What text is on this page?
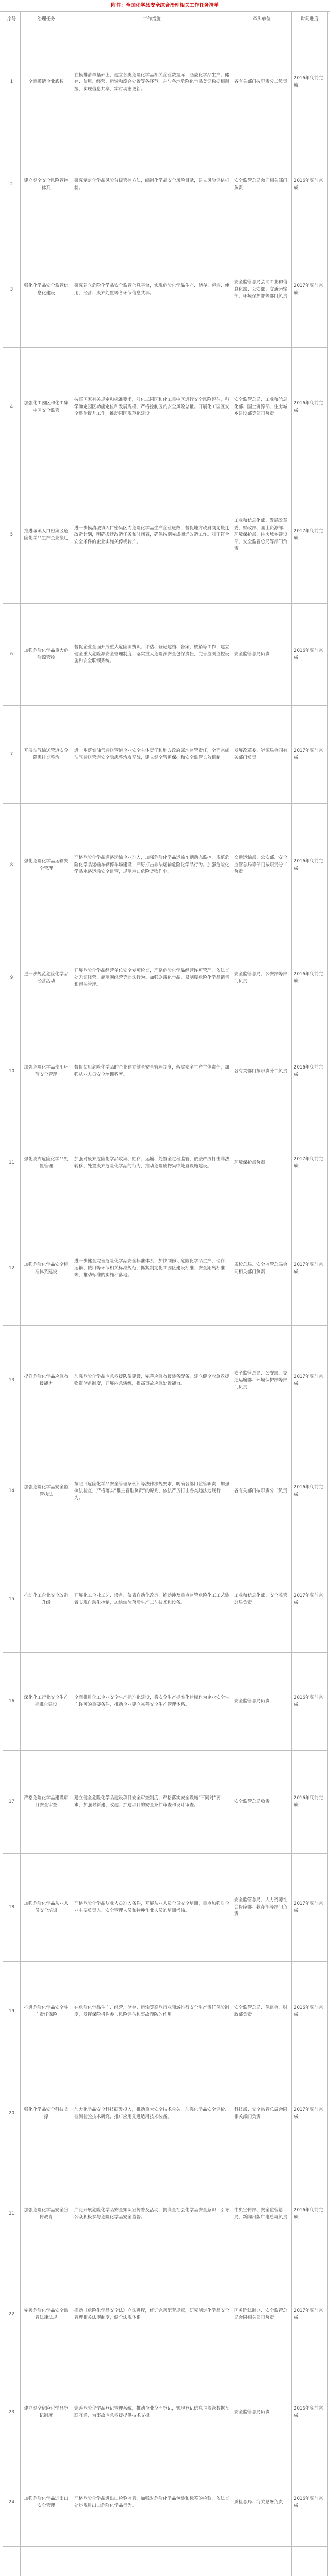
附件：全国化学品安全综合治理相关工作任务清单
序号	治理任务	工作措施	牵头单位	时间进度
1	全面摸清企业底数	在摸排清单基础上，建立各类危险化学品相关企业数据库，涵盖化学品生产、储存、使用、经营、运输和废弃处置等各环节，并与各地危险化学品登记数据相衔接，实现信息共享，实时动态更新。	各有关部门按职责分工负责	2016年底前完成
2	建立健全安全风险管控体系	研究制定化学品风险分级管控方法，编制化学品安全风险目录，建立风险评估机制。	安全监管总局会同相关部门负责	2016年底前完成
3	强化化学品安全监管信息化建设	研究建立危险化学品安全监管信息平台，实现危险化学品生产、储存、运输、使用、经营、废弃处置等各环节信息共享。	安全监管总局会同工业和信息化部、公安部、交通运输部、环境保护部等部门负责	2017年底前完成
4	加强化工园区和化工集中区安全监管	按照国家有关规定和标准要求，对化工园区和化工集中区进行安全风险评估，科学确定园区功能定位和发展规模，严格控制区内安全风险总量。开展化工园区安全整治提升工作，推动园区规范化建设。	安全监管总局、工业和信息化部、国土资源部、住房城乡建设部等部门负责	2016年底前完成
5	推进城镇人口密集区危险化学品生产企业搬迁	进一步摸清城镇人口密集区内危险化学品生产企业底数，督促地方政府制定搬迁改造计划，明确搬迁改造任务和时间表，确保按期完成搬迁改造工作。对不符合安全条件的企业实施关停或转产。	工业和信息化部、发展改革委、财政部、国土资源部、环境保护部、住房城乡建设部、安全监管总局等部门负责	2017年底前完成
6	加强危险化学品重大危险源管控	督促企业全面开展重大危险源辨识、评估、登记建档、备案、核销等工作，建立健全重大危险源安全管理制度，落实重大危险源安全包保责任，完善监测监控设施和安全联锁系统。	安全监管总局负责	2016年底前完成
7	开展油气输送管道安全隐患排查整治	进一步落实油气输送管道企业安全主体责任和地方政府属地监管责任，全面完成油气输送管道安全隐患整治攻坚战，建立健全管道保护和安全监管长效机制。	发展改革委、能源局会同有关部门负责	2017年底前完成
8	强化危险化学品运输安全管理	严格危险化学品道路运输企业准入，加强危险化学品运输车辆动态监控，规范危险化学品运输车辆停车场建设，严厉打击非法运输危险化学品行为。加强危险化学品水路运输安全监管，规范港口危险货物作业。	交通运输部、公安部、安全监管总局等部门按职责分工负责	2016年底前完成
9	进一步规范危险化学品经营活动	开展危险化学品经营单位安全专项检查，严格危险化学品经营许可管理，依法查处无证经营、超范围经营等违法行为。加强剧毒化学品、易制爆危险化学品销售和购买管理。	安全监管总局、公安部等部门负责	2016年底前完成
10	加强危险化学品使用环节安全管理	督促使用危险化学品的企业建立健全安全管理制度，落实安全生产主体责任，加强从业人员安全培训教育。	各有关部门按职责分工负责	2016年底前完成
11	强化废弃危险化学品处置管理	加强对废弃危险化学品收集、贮存、运输、处置全过程监管，依法严厉打击非法转移、处置废弃危险化学品的行为，推动危险废物集中处置设施建设。	环境保护部负责	2017年底前完成
12	加强危险化学品安全标准体系建设	进一步健全完善危险化学品安全标准体系，加快制修订危险化学品生产、储存、运输、使用等环节相关标准规范，抓紧制定化工园区建设标准、安全距离标准等，推动标准的实施和落地。	质检总局、安全监管总局会同相关部门负责	2017年底前完成
13	提升危险化学品应急救援能力	加强危险化学品应急救援队伍建设，完善应急救援装备配备，建立健全应急救援物资储备制度，开展应急演练，提高事故应急处置能力。	安全监管总局、公安部、交通运输部、环境保护部等部门负责	2017年底前完成
14	加强危险化学品安全监管执法	按照《危险化学品安全管理条例》等法律法规要求，明确各部门监管职责，加强执法检查，严格落实“谁主管谁负责”的原则，依法严厉打击各类违法违规行为。	各有关部门按职责分工负责	2016年底前完成
15	推动化工企业安全改造升级	开展化工企业工艺、设备、仪表自动化改造，推动涉及重点监管危险化工工艺装置实现自动化控制，加快淘汰落后生产工艺技术和设备。	工业和信息化部、安全监管总局负责	2017年底前完成
16	深化化工行业安全生产标准化建设	全面推进化工企业安全生产标准化建设，将安全生产标准化达标作为企业安全生产许可的重要条件，推动企业建立完善安全生产管理体系。	安全监管总局负责	2016年底前完成
17	严格危险化学品建设项目安全审查	建立健全危险化学品建设项目安全审查制度，严格落实安全设施“三同时”要求，加强对新建、改建、扩建项目的安全条件审查和设计审查。	安全监管总局负责	2016年底前完成
18	加强危险化学品从业人员安全培训	严格危险化学品从业人员准入条件，开展从业人员全员安全培训，重点加强对企业主要负责人、安全管理人员和特种作业人员的培训考核。	安全监管总局、人力资源社会保障部、教育部等部门负责	2017年底前完成
19	推进危险化学品安全生产责任保险	在危险化学品生产、经营、储存、运输等高危行业领域推行安全生产责任保险制度，发挥保险机构参与风险评估和事故预防的作用。	安全监管总局、保监会、财政部负责	2016年底前完成
20	强化化学品安全科技支撑	加大化学品安全科技研发投入，推动重大安全技术攻关，加强化学品安全评价、检测检验技术研究，推广应用先进适用技术装备。	科技部、安全监管总局会同相关部门负责	2017年底前完成
21	加强危险化学品安全宣传教育	广泛开展危险化学品安全知识宣传普及活动，提高全社会化学品安全意识，引导公众积极参与危险化学品安全监督。	中央宣传部、安全监管总局、新闻出版广电总局负责	2016年底前完成
22	完善危险化学品安全监管法律法规	推动《危险化学品安全法》立法进程，修订完善配套规章，研究制定化学品安全管理相关法规制度，健全法规体系。	国务院法制办、安全监管总局会同相关部门负责	2017年底前完成
23	建立健全危险化学品登记制度	完善危险化学品登记管理系统，推动企业全面登记，实现登记信息与监管数据互联互通，为事故应急救援提供技术支撑。	安全监管总局负责	2016年底前完成
24	加强危险化学品进出口安全管理	严格危险化学品进出口检验监管，加强对危险化学品包装和标签的检验，依法查处违规进出口危险化学品行为。	质检总局、海关总署负责	2016年底前完成
